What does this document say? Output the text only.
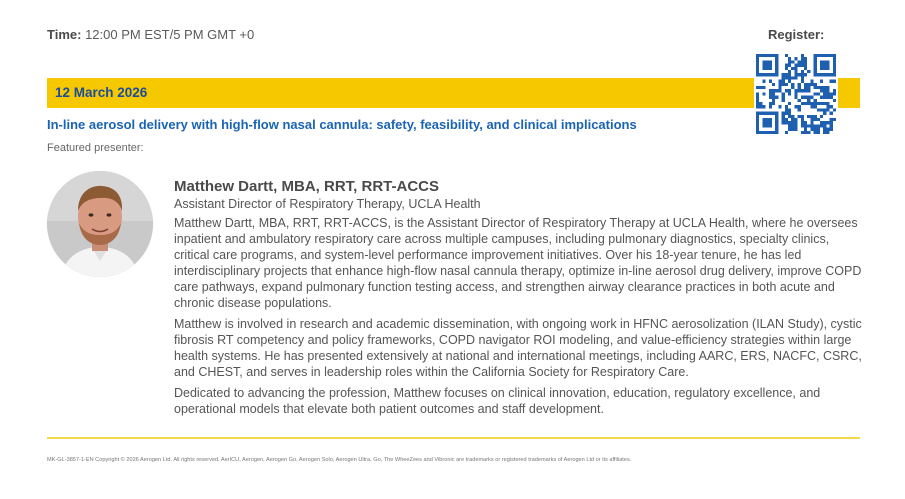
Time: 12:00 PM EST/5 PM GMT +0	Register:
12 March 2026
In-line aerosol delivery with high-flow nasal cannula: safety, feasibility, and clinical implications
Featured presenter:
Matthew Dartt, MBA, RRT, RRT-ACCS
Assistant Director of Respiratory Therapy, UCLA Health

Matthew Dartt, MBA, RRT, RRT-ACCS, is the Assistant Director of Respiratory Therapy at UCLA Health, where he oversees inpatient and ambulatory respiratory care across multiple campuses, including pulmonary diagnostics, specialty clinics, critical care programs, and system-level performance improvement initiatives. Over his 18-year tenure, he has led interdisciplinary projects that enhance high-flow nasal cannula therapy, optimize in-line aerosol drug delivery, improve COPD care pathways, expand pulmonary function testing access, and strengthen airway clearance practices in both acute and chronic disease populations.

Matthew is involved in research and academic dissemination, with ongoing work in HFNC aerosolization (ILAN Study), cystic fibrosis RT competency and policy frameworks, COPD navigator ROI modeling, and value-efficiency strategies within large health systems. He has presented extensively at national and international meetings, including AARC, ERS, NACFC, CSRC, and CHEST, and serves in leadership roles within the California Society for Respiratory Care.

Dedicated to advancing the profession, Matthew focuses on clinical innovation, education, regulatory excellence, and operational models that elevate both patient outcomes and staff development.

MK-GL-3857-1-EN Copyright © 2026 Aerogen Ltd. All rights reserved. AerICU, Aerogen, Aerogen Go, Aerogen Solo, Aerogen Ultra, Go, The WheeZees and Vibronic are trademarks or registered trademarks of Aerogen Ltd or its affiliates.
